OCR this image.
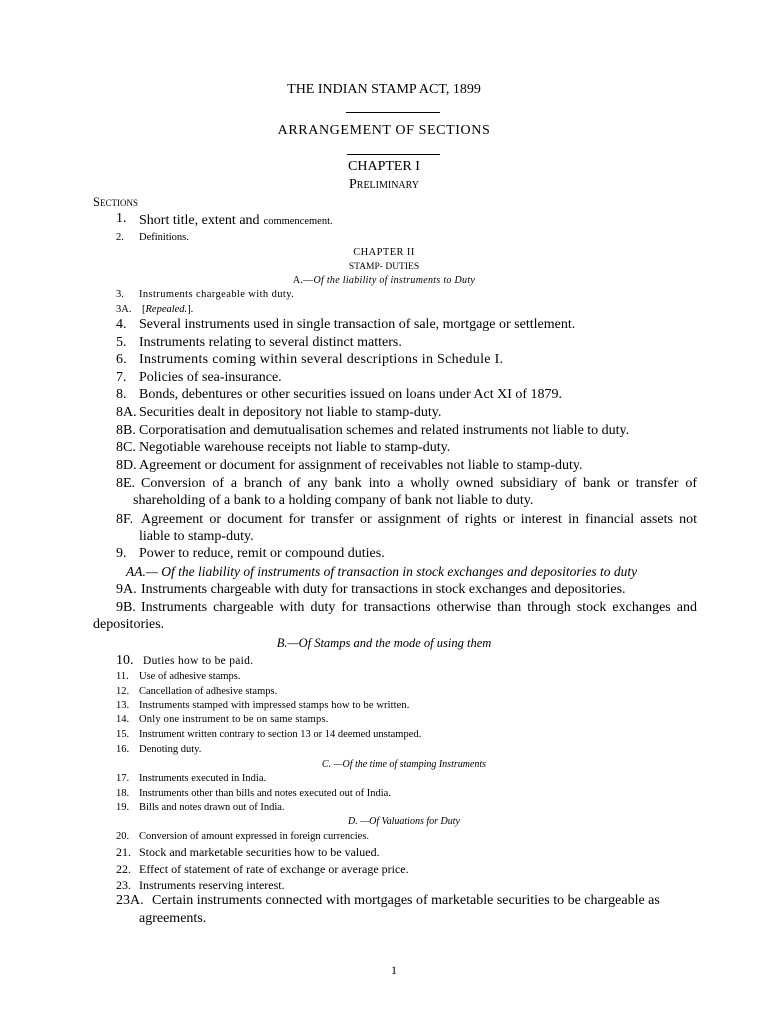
THE INDIAN STAMP ACT, 1899
ARRANGEMENT OF SECTIONS
CHAPTER I
Preliminary
Sections
1. Short title, extent and commencement.
2. Definitions.
CHAPTER II
STAMP- DUTIES
A.—Of the liability of instruments to Duty
3. Instruments chargeable with duty.
3A. [Repealed.].
4. Several instruments used in single transaction of sale, mortgage or settlement.
5. Instruments relating to several distinct matters.
6. Instruments coming within several descriptions in Schedule I.
7. Policies of sea-insurance.
8. Bonds, debentures or other securities issued on loans under Act XI of 1879.
8A. Securities dealt in depository not liable to stamp-duty.
8B. Corporatisation and demutualisation schemes and related instruments not liable to duty.
8C. Negotiable warehouse receipts not liable to stamp-duty.
8D. Agreement or document for assignment of receivables not liable to stamp-duty.
8E. Conversion of a branch of any bank into a wholly owned subsidiary of bank or transfer of
shareholding of a bank to a holding company of bank not liable to duty.
8F. Agreement or document for transfer or assignment of rights or interest in financial assets not
liable to stamp-duty.
9. Power to reduce, remit or compound duties.
AA.— Of the liability of instruments of transaction in stock exchanges and depositories to duty
9A. Instruments chargeable with duty for transactions in stock exchanges and depositories.
9B. Instruments chargeable with duty for transactions otherwise than through stock exchanges and
depositories.
B.—Of Stamps and the mode of using them
10. Duties how to be paid.
11. Use of adhesive stamps.
12. Cancellation of adhesive stamps.
13. Instruments stamped with impressed stamps how to be written.
14. Only one instrument to be on same stamps.
15. Instrument written contrary to section 13 or 14 deemed unstamped.
16. Denoting duty.
C. —Of the time of stamping Instruments
17. Instruments executed in India.
18. Instruments other than bills and notes executed out of India.
19. Bills and notes drawn out of India.
D. —Of Valuations for Duty
20. Conversion of amount expressed in foreign currencies.
21. Stock and marketable securities how to be valued.
22. Effect of statement of rate of exchange or average price.
23. Instruments reserving interest.
23A. Certain instruments connected with mortgages of marketable securities to be chargeable as
agreements.
1
